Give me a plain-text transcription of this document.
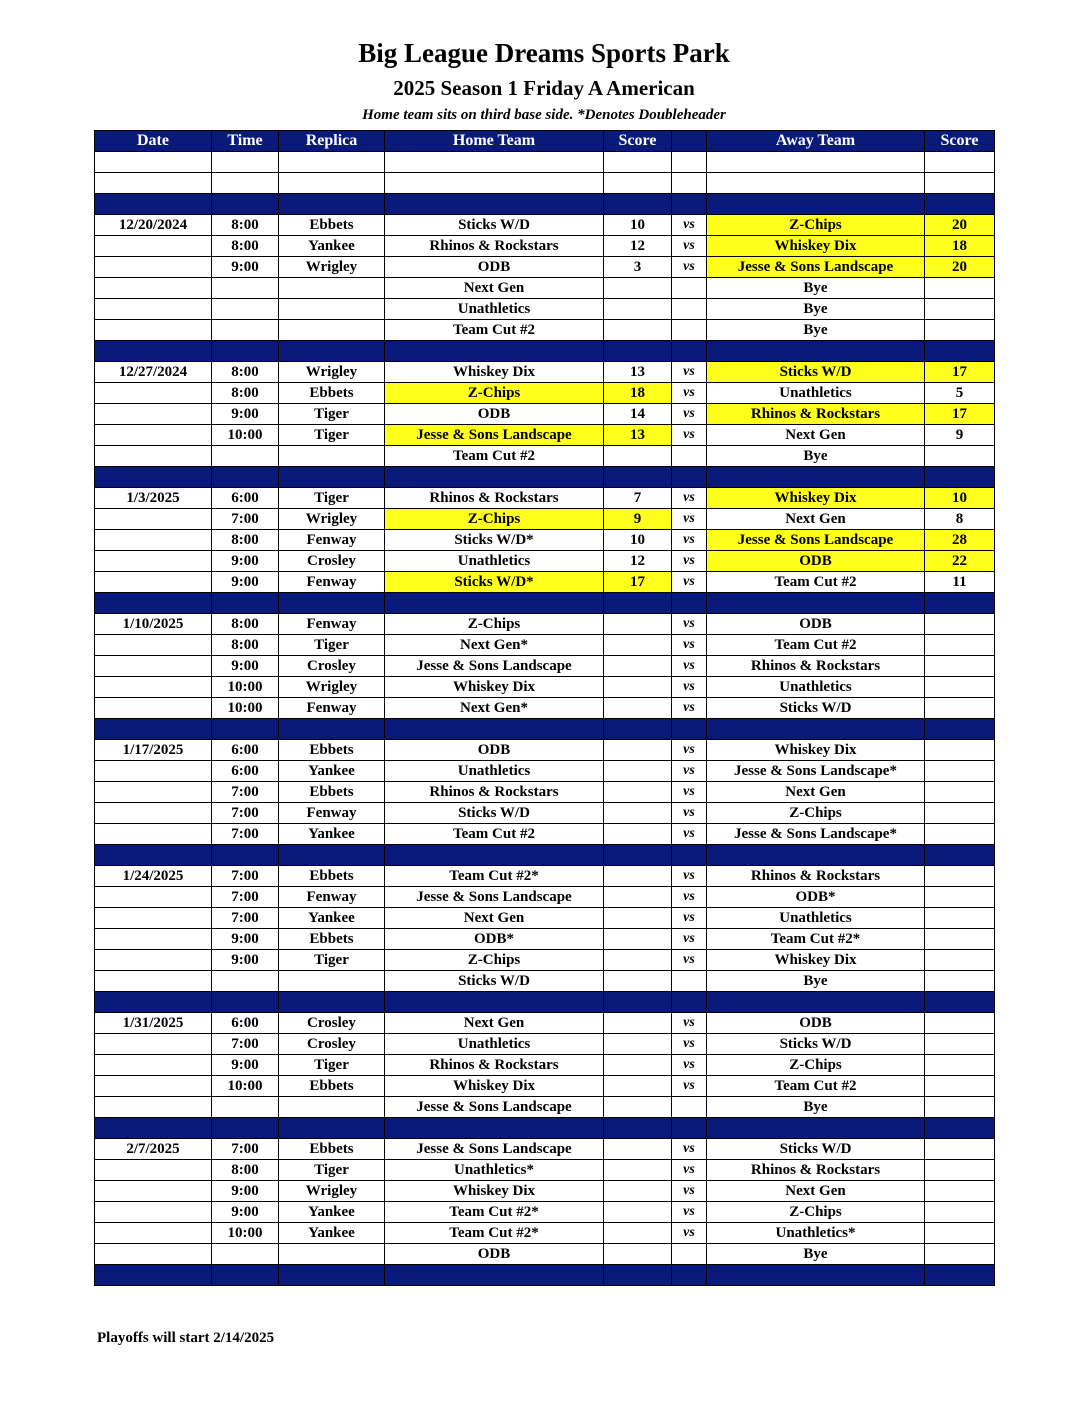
Big League Dreams Sports Park
2025 Season 1 Friday A American
Home team sits on third base side. *Denotes Doubleheader
Date	Time	Replica	Home Team	Score		Away Team	Score

12/20/2024	8:00	Ebbets	Sticks W/D	10	vs	Z-Chips	20
	8:00	Yankee	Rhinos & Rockstars	12	vs	Whiskey Dix	18
	9:00	Wrigley	ODB	3	vs	Jesse & Sons Landscape	20
			Next Gen			Bye	
			Unathletics			Bye	
			Team Cut #2			Bye	

12/27/2024	8:00	Wrigley	Whiskey Dix	13	vs	Sticks W/D	17
	8:00	Ebbets	Z-Chips	18	vs	Unathletics	5
	9:00	Tiger	ODB	14	vs	Rhinos & Rockstars	17
	10:00	Tiger	Jesse & Sons Landscape	13	vs	Next Gen	9
			Team Cut #2			Bye	

1/3/2025	6:00	Tiger	Rhinos & Rockstars	7	vs	Whiskey Dix	10
	7:00	Wrigley	Z-Chips	9	vs	Next Gen	8
	8:00	Fenway	Sticks W/D*	10	vs	Jesse & Sons Landscape	28
	9:00	Crosley	Unathletics	12	vs	ODB	22
	9:00	Fenway	Sticks W/D*	17	vs	Team Cut #2	11

1/10/2025	8:00	Fenway	Z-Chips		vs	ODB	
	8:00	Tiger	Next Gen*		vs	Team Cut #2	
	9:00	Crosley	Jesse & Sons Landscape		vs	Rhinos & Rockstars	
	10:00	Wrigley	Whiskey Dix		vs	Unathletics	
	10:00	Fenway	Next Gen*		vs	Sticks W/D	

1/17/2025	6:00	Ebbets	ODB		vs	Whiskey Dix	
	6:00	Yankee	Unathletics		vs	Jesse & Sons Landscape*	
	7:00	Ebbets	Rhinos & Rockstars		vs	Next Gen	
	7:00	Fenway	Sticks W/D		vs	Z-Chips	
	7:00	Yankee	Team Cut #2		vs	Jesse & Sons Landscape*	

1/24/2025	7:00	Ebbets	Team Cut #2*		vs	Rhinos & Rockstars	
	7:00	Fenway	Jesse & Sons Landscape		vs	ODB*	
	7:00	Yankee	Next Gen		vs	Unathletics	
	9:00	Ebbets	ODB*		vs	Team Cut #2*	
	9:00	Tiger	Z-Chips		vs	Whiskey Dix	
			Sticks W/D			Bye	

1/31/2025	6:00	Crosley	Next Gen		vs	ODB	
	7:00	Crosley	Unathletics		vs	Sticks W/D	
	9:00	Tiger	Rhinos & Rockstars		vs	Z-Chips	
	10:00	Ebbets	Whiskey Dix		vs	Team Cut #2	
			Jesse & Sons Landscape			Bye	

2/7/2025	7:00	Ebbets	Jesse & Sons Landscape		vs	Sticks W/D	
	8:00	Tiger	Unathletics*		vs	Rhinos & Rockstars	
	9:00	Wrigley	Whiskey Dix		vs	Next Gen	
	9:00	Yankee	Team Cut #2*		vs	Z-Chips	
	10:00	Yankee	Team Cut #2*		vs	Unathletics*	
			ODB			Bye	

Playoffs will start 2/14/2025
